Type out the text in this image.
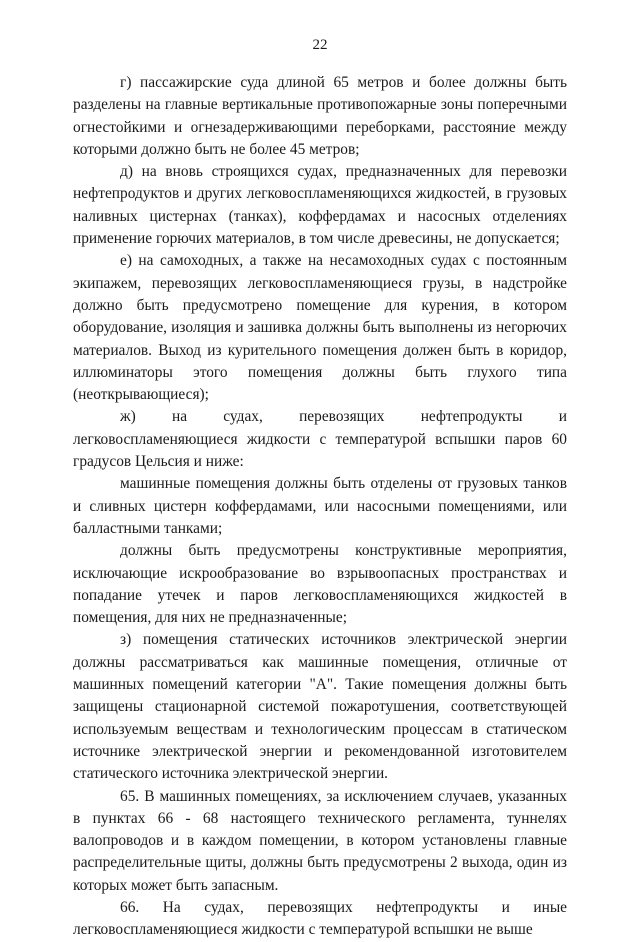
22

г) пассажирские суда длиной 65 метров и более должны быть разделены на главные вертикальные противопожарные зоны поперечными огнестойкими и огнезадерживающими переборками, расстояние между которыми должно быть не более 45 метров;

д) на вновь строящихся судах, предназначенных для перевозки нефтепродуктов и других легковоспламеняющихся жидкостей, в грузовых наливных цистернах (танках), коффердамах и насосных отделениях применение горючих материалов, в том числе древесины, не допускается;

е) на самоходных, а также на несамоходных судах с постоянным экипажем, перевозящих легковоспламеняющиеся грузы, в надстройке должно быть предусмотрено помещение для курения, в котором оборудование, изоляция и зашивка должны быть выполнены из негорючих материалов. Выход из курительного помещения должен быть в коридор, иллюминаторы этого помещения должны быть глухого типа (неоткрывающиеся);

ж) на судах, перевозящих нефтепродукты и легковоспламеняющиеся жидкости с температурой вспышки паров 60 градусов Цельсия и ниже:

машинные помещения должны быть отделены от грузовых танков и сливных цистерн коффердамами, или насосными помещениями, или балластными танками;

должны быть предусмотрены конструктивные мероприятия, исключающие искрообразование во взрывоопасных пространствах и попадание утечек и паров легковоспламеняющихся жидкостей в помещения, для них не предназначенные;

з) помещения статических источников электрической энергии должны рассматриваться как машинные помещения, отличные от машинных помещений категории "А". Такие помещения должны быть защищены стационарной системой пожаротушения, соответствующей используемым веществам и технологическим процессам в статическом источнике электрической энергии и рекомендованной изготовителем статического источника электрической энергии.

65. В машинных помещениях, за исключением случаев, указанных в пунктах 66 - 68 настоящего технического регламента, туннелях валопроводов и в каждом помещении, в котором установлены главные распределительные щиты, должны быть предусмотрены 2 выхода, один из которых может быть запасным.

66. На судах, перевозящих нефтепродукты и иные легковоспламеняющиеся жидкости с температурой вспышки не выше
